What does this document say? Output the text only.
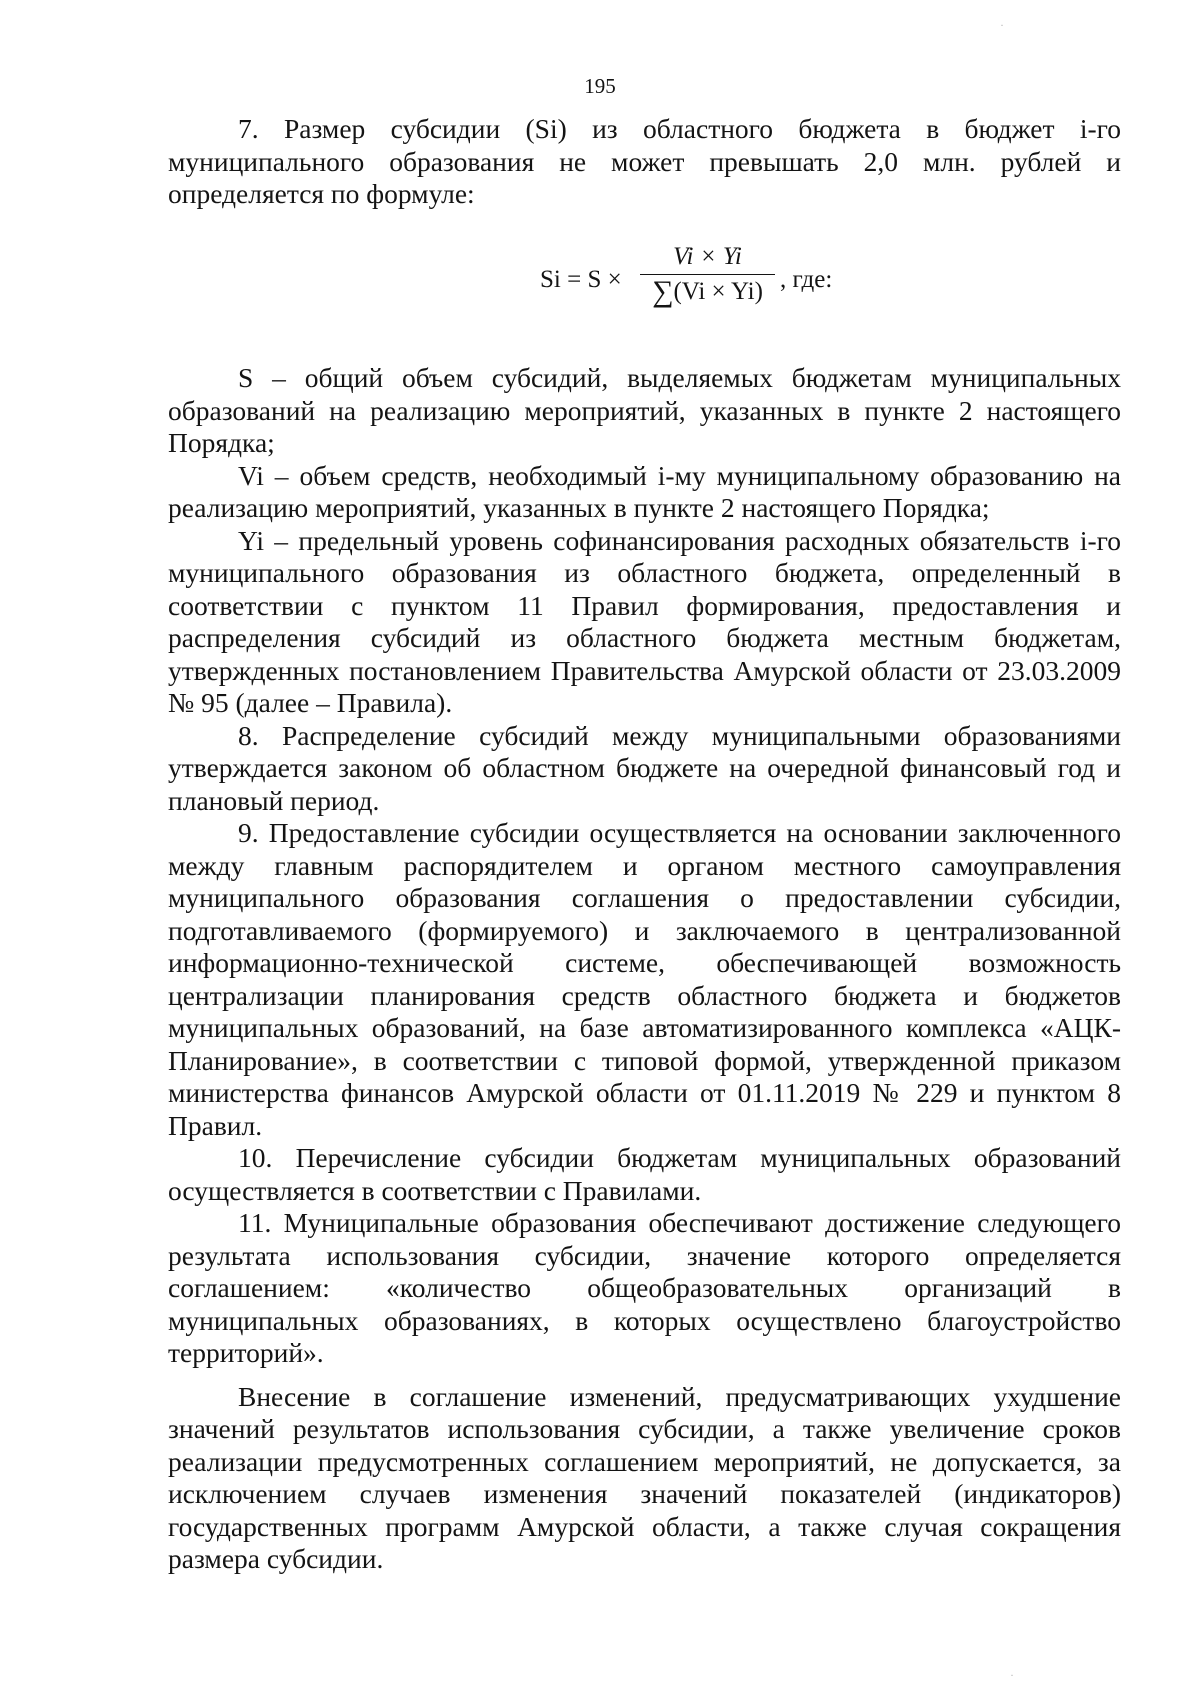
195

7. Размер субсидии (Si) из областного бюджета в бюджет i-го муниципального образования не может превышать 2,0 млн. рублей и определяется по формуле:

Si = S ×
Vi × Yi
∑(Vi × Yi) , где:

S – общий объем субсидий, выделяемых бюджетам муниципальных образований на реализацию мероприятий, указанных в пункте 2 настоящего Порядка;

Vi – объем средств, необходимый i-му муниципальному образованию на реализацию мероприятий, указанных в пункте 2 настоящего Порядка;

Yi – предельный уровень софинансирования расходных обязательств i-го муниципального образования из областного бюджета, определенный в соответствии с пунктом 11 Правил формирования, предоставления и распределения субсидий из областного бюджета местным бюджетам, утвержденных постановлением Правительства Амурской области от 23.03.2009 № 95 (далее – Правила).

8. Распределение субсидий между муниципальными образованиями утверждается законом об областном бюджете на очередной финансовый год и плановый период.

9. Предоставление субсидии осуществляется на основании заключенного между главным распорядителем и органом местного самоуправления муниципального образования соглашения о предоставлении субсидии, подготавливаемого (формируемого) и заключаемого в централизованной информационно-технической системе, обеспечивающей возможность централизации планирования средств областного бюджета и бюджетов муниципальных образований, на базе автоматизированного комплекса «АЦК-Планирование», в соответствии с типовой формой, утвержденной приказом министерства финансов Амурской области от 01.11.2019 № 229 и пунктом 8 Правил.

10. Перечисление субсидии бюджетам муниципальных образований осуществляется в соответствии с Правилами.

11. Муниципальные образования обеспечивают достижение следующего результата использования субсидии, значение которого определяется соглашением: «количество общеобразовательных организаций в муниципальных образованиях, в которых осуществлено благоустройство территорий».

Внесение в соглашение изменений, предусматривающих ухудшение значений результатов использования субсидии, а также увеличение сроков реализации предусмотренных соглашением мероприятий, не допускается, за исключением случаев изменения значений показателей (индикаторов) государственных программ Амурской области, а также случая сокращения размера субсидии.

·
·
